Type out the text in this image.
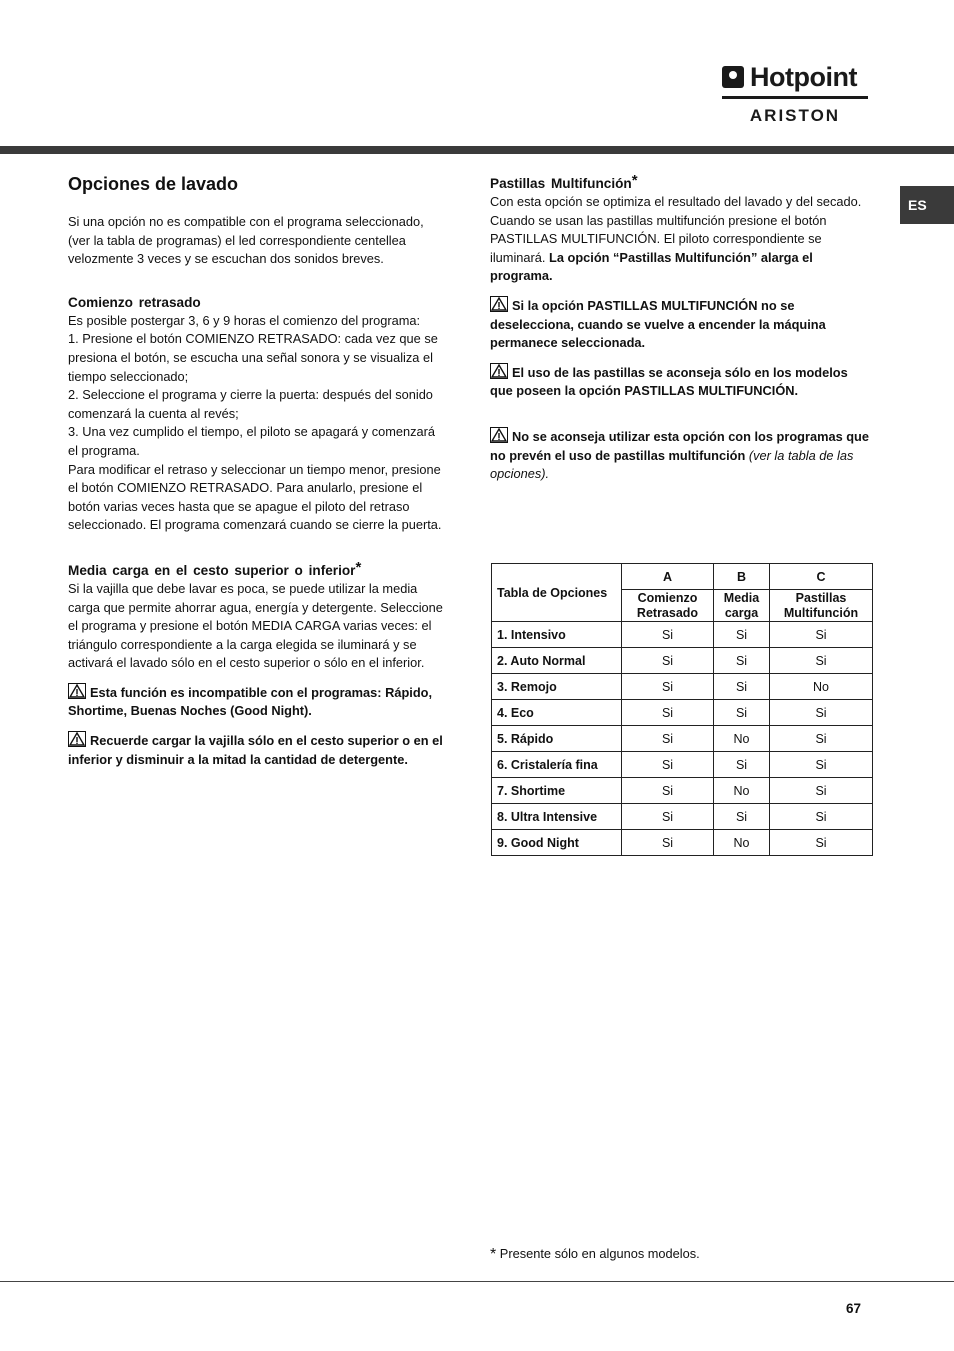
Hotpoint
ARISTON
ES
Opciones de lavado

Si una opción no es compatible con el programa seleccionado, (ver la tabla de programas) el led correspondiente centellea velozmente 3 veces y se escuchan dos sonidos breves.

Comienzo retrasado

Es posible postergar 3, 6 y 9 horas el comienzo del programa:

1. Presione el botón COMIENZO RETRASADO: cada vez que se presiona el botón, se escucha una señal sonora y se visualiza el tiempo seleccionado;

2. Seleccione el programa y cierre la puerta: después del sonido comenzará la cuenta al revés;

3. Una vez cumplido el tiempo, el piloto se apagará y comenzará el programa.

Para modificar el retraso y seleccionar un tiempo menor, presione el botón COMIENZO RETRASADO. Para anularlo, presione el botón varias veces hasta que se apague el piloto del retraso seleccionado. El programa comenzará cuando se cierre la puerta.

Media carga en el cesto superior o inferior*

Si la vajilla que debe lavar es poca, se puede utilizar la media carga que permite ahorrar agua, energía y detergente. Seleccione el programa y presione el botón MEDIA CARGA varias veces: el triángulo correspondiente a la carga elegida se iluminará y se activará el lavado sólo en el cesto superior o sólo en el inferior.

Esta función es incompatible con el programas: Rápido, Shortime, Buenas Noches (Good Night).

Recuerde cargar la vajilla sólo en el cesto superior o en el inferior y disminuir a la mitad la cantidad de detergente.

Pastillas Multifunción*

Con esta opción se optimiza el resultado del lavado y del secado.

Cuando se usan las pastillas multifunción presione el botón PASTILLAS MULTIFUNCIÓN. El piloto correspondiente se iluminará. La opción “Pastillas Multifunción” alarga el programa.

Si la opción PASTILLAS MULTIFUNCIÓN no se deselecciona, cuando se vuelve a encender la máquina permanece seleccionada.

El uso de las pastillas se aconseja sólo en los modelos que poseen la opción PASTILLAS MULTIFUNCIÓN.

No se aconseja utilizar esta opción con los programas que no prevén el uso de pastillas multifunción (ver la tabla de las opciones).

Tabla de Opciones	A	B	C
	Comienzo Retrasado	Media carga	Pastillas Multifunción
1. Intensivo	Si	Si	Si
2. Auto Normal	Si	Si	Si
3. Remojo	Si	Si	No
4. Eco	Si	Si	Si
5. Rápido	Si	No	Si
6. Cristalería fina	Si	Si	Si
7. Shortime	Si	No	Si
8. Ultra Intensive	Si	Si	Si
9. Good Night	Si	No	Si
* Presente sólo en algunos modelos.
67
